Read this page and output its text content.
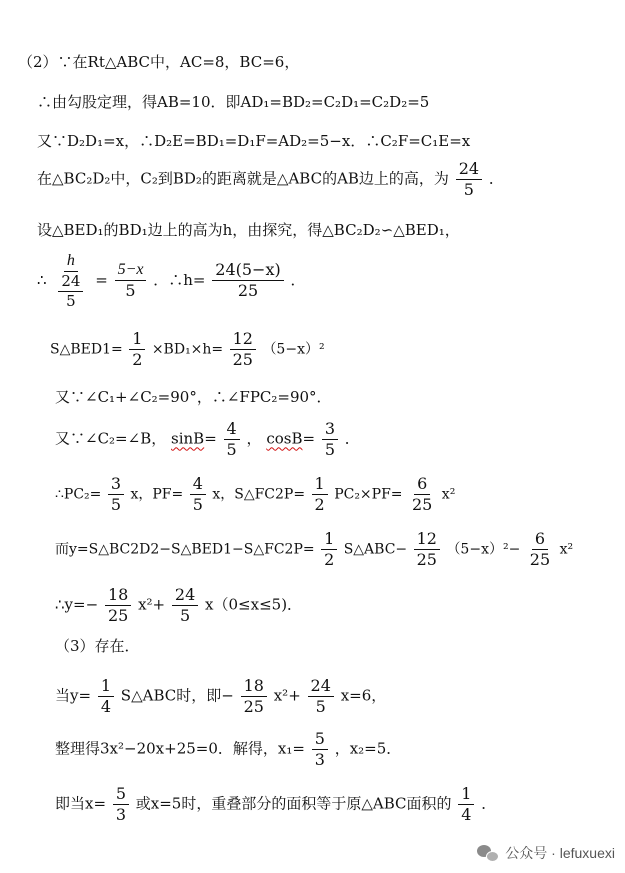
（2）∵在Rt△ABC中，AC=8，BC=6，
∴由勾股定理，得AB=10．即AD₁=BD₂=C₂D₁=C₂D₂=5
又∵D₂D₁=x，∴D₂E=BD₁=D₁F=AD₂=5−x．∴C₂F=C₁E=x
在△BC₂D₂中，C₂到BD₂的距离就是△ABC的AB边上的高，为 $\frac{24}{5}$ ．
设△BED₁的BD₁边上的高为h，由探究，得△BC₂D₂∽△BED₁，
∴ $\frac{h}{\frac{24}{5}} = \frac{5-x}{5}$ ．∴h= $\frac{24(5-x)}{25}$ ．
S△BED1= $\frac{1}{2} \times BD_1\times h= \frac{12}{25} (5-x)^2$
又∵∠C₁+∠C₂=90°，∴∠FPC₂=90°．
又∵∠C₂=∠B， $\sin B= \frac{4}{5}$ ， $\cos B= \frac{3}{5}$ ．
∴PC₂= $\frac{3}{5}$ x，$PF= \frac{4}{5}$ x，S△FC2P= $\frac{1}{2} PC_2\times PF= \frac{6}{25} x^2$
而y=S△BC2D2−S△BED1−S△FC2P= $\frac{1}{2}$ S△ABC− $\frac{12}{25} (5-x)^2- \frac{6}{25} x^2$
∴y=− $\frac{18}{25} x^2+ \frac{24}{5} x(0\le x\le 5)$．
（3）存在．
当$y= \frac{1}{4}$ S△ABC时，即− $\frac{18}{25} x^2+ \frac{24}{5} x=6$，
整理得3x²−20x+25=0．解得，$x_1= \frac{5}{3}$ ，x₂=5．
即当$x= \frac{5}{3}$ 或x=5时，重叠部分的面积等于原△ABC面积的 $\frac{1}{4}$ ．
公众号 · lefuxuexi
